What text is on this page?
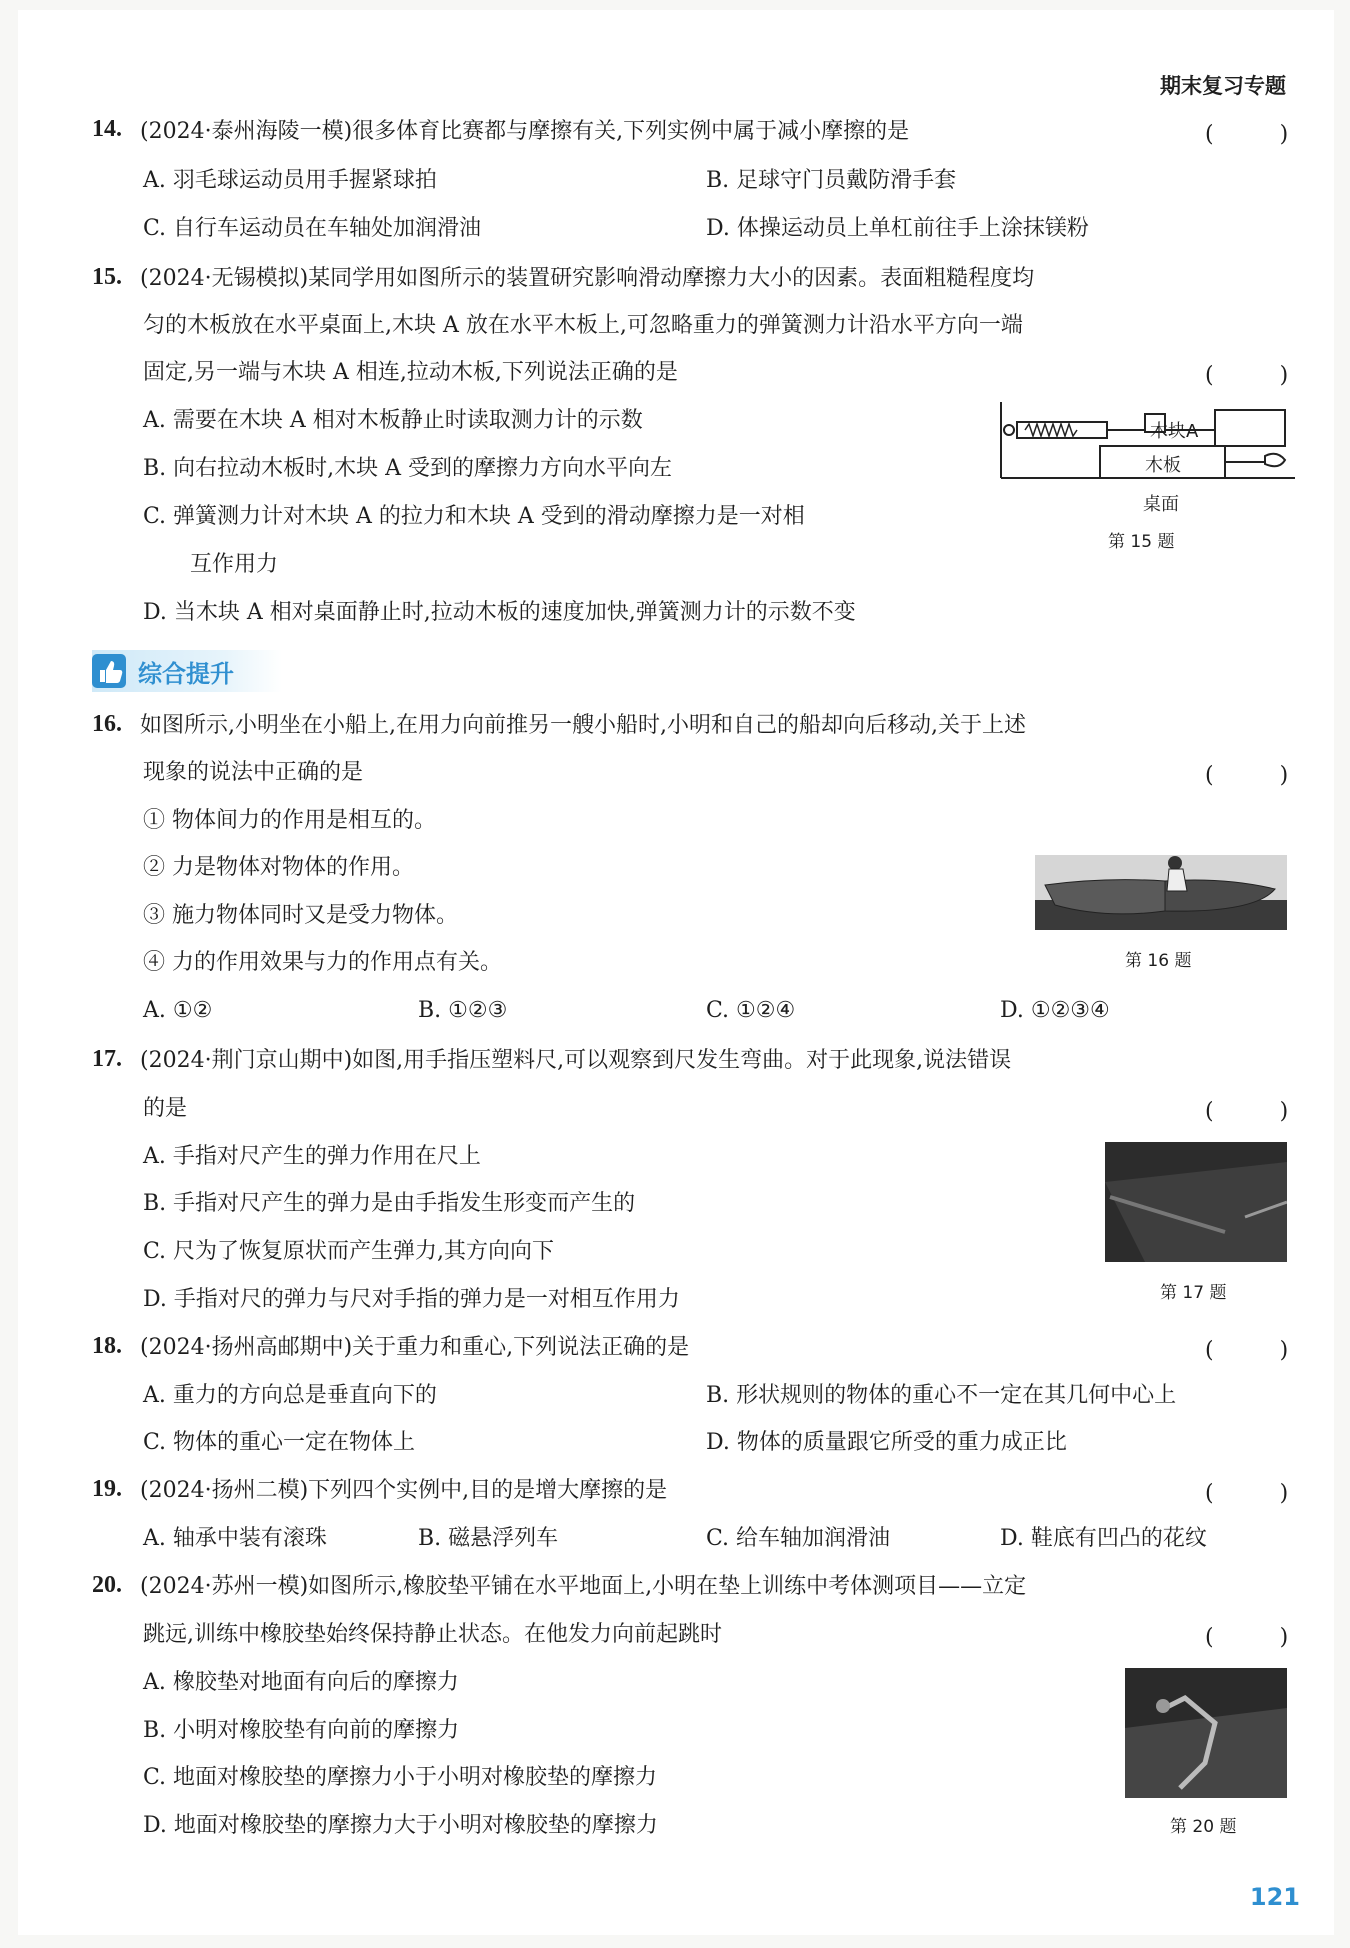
期末复习专题
14. (2024·泰州海陵一模)很多体育比赛都与摩擦有关,下列实例中属于减小摩擦的是	(　)
A. 羽毛球运动员用手握紧球拍	B. 足球守门员戴防滑手套
C. 自行车运动员在车轴处加润滑油	D. 体操运动员上单杠前往手上涂抹镁粉
15. (2024·无锡模拟)某同学用如图所示的装置研究影响滑动摩擦力大小的因素。表面粗糙程度均
匀的木板放在水平桌面上,木块 A 放在水平木板上,可忽略重力的弹簧测力计沿水平方向一端
固定,另一端与木块 A 相连,拉动木板,下列说法正确的是	(　)
A. 需要在木块 A 相对木板静止时读取测力计的示数
B. 向右拉动木板时,木块 A 受到的摩擦力方向水平向左
C. 弹簧测力计对木块 A 的拉力和木块 A 受到的滑动摩擦力是一对相
互作用力
D. 当木块 A 相对桌面静止时,拉动木板的速度加快,弹簧测力计的示数不变
木块A
木板
桌面
第 15 题
综合提升
16. 如图所示,小明坐在小船上,在用力向前推另一艘小船时,小明和自己的船却向后移动,关于上述
现象的说法中正确的是	(　)
① 物体间力的作用是相互的。
② 力是物体对物体的作用。
③ 施力物体同时又是受力物体。
④ 力的作用效果与力的作用点有关。
A. ①②	B. ①②③	C. ①②④	D. ①②③④
第 16 题
17. (2024·荆门京山期中)如图,用手指压塑料尺,可以观察到尺发生弯曲。对于此现象,说法错误
的是	(　)
A. 手指对尺产生的弹力作用在尺上
B. 手指对尺产生的弹力是由手指发生形变而产生的
C. 尺为了恢复原状而产生弹力,其方向向下
D. 手指对尺的弹力与尺对手指的弹力是一对相互作用力	第 17 题
18. (2024·扬州高邮期中)关于重力和重心,下列说法正确的是	(　)
A. 重力的方向总是垂直向下的	B. 形状规则的物体的重心不一定在其几何中心上
C. 物体的重心一定在物体上	D. 物体的质量跟它所受的重力成正比
19. (2024·扬州二模)下列四个实例中,目的是增大摩擦的是	(　)
A. 轴承中装有滚珠	B. 磁悬浮列车	C. 给车轴加润滑油	D. 鞋底有凹凸的花纹
20. (2024·苏州一模)如图所示,橡胶垫平铺在水平地面上,小明在垫上训练中考体测项目——立定
跳远,训练中橡胶垫始终保持静止状态。在他发力向前起跳时	(　)
A. 橡胶垫对地面有向后的摩擦力
B. 小明对橡胶垫有向前的摩擦力
C. 地面对橡胶垫的摩擦力小于小明对橡胶垫的摩擦力
D. 地面对橡胶垫的摩擦力大于小明对橡胶垫的摩擦力	第 20 题
121
